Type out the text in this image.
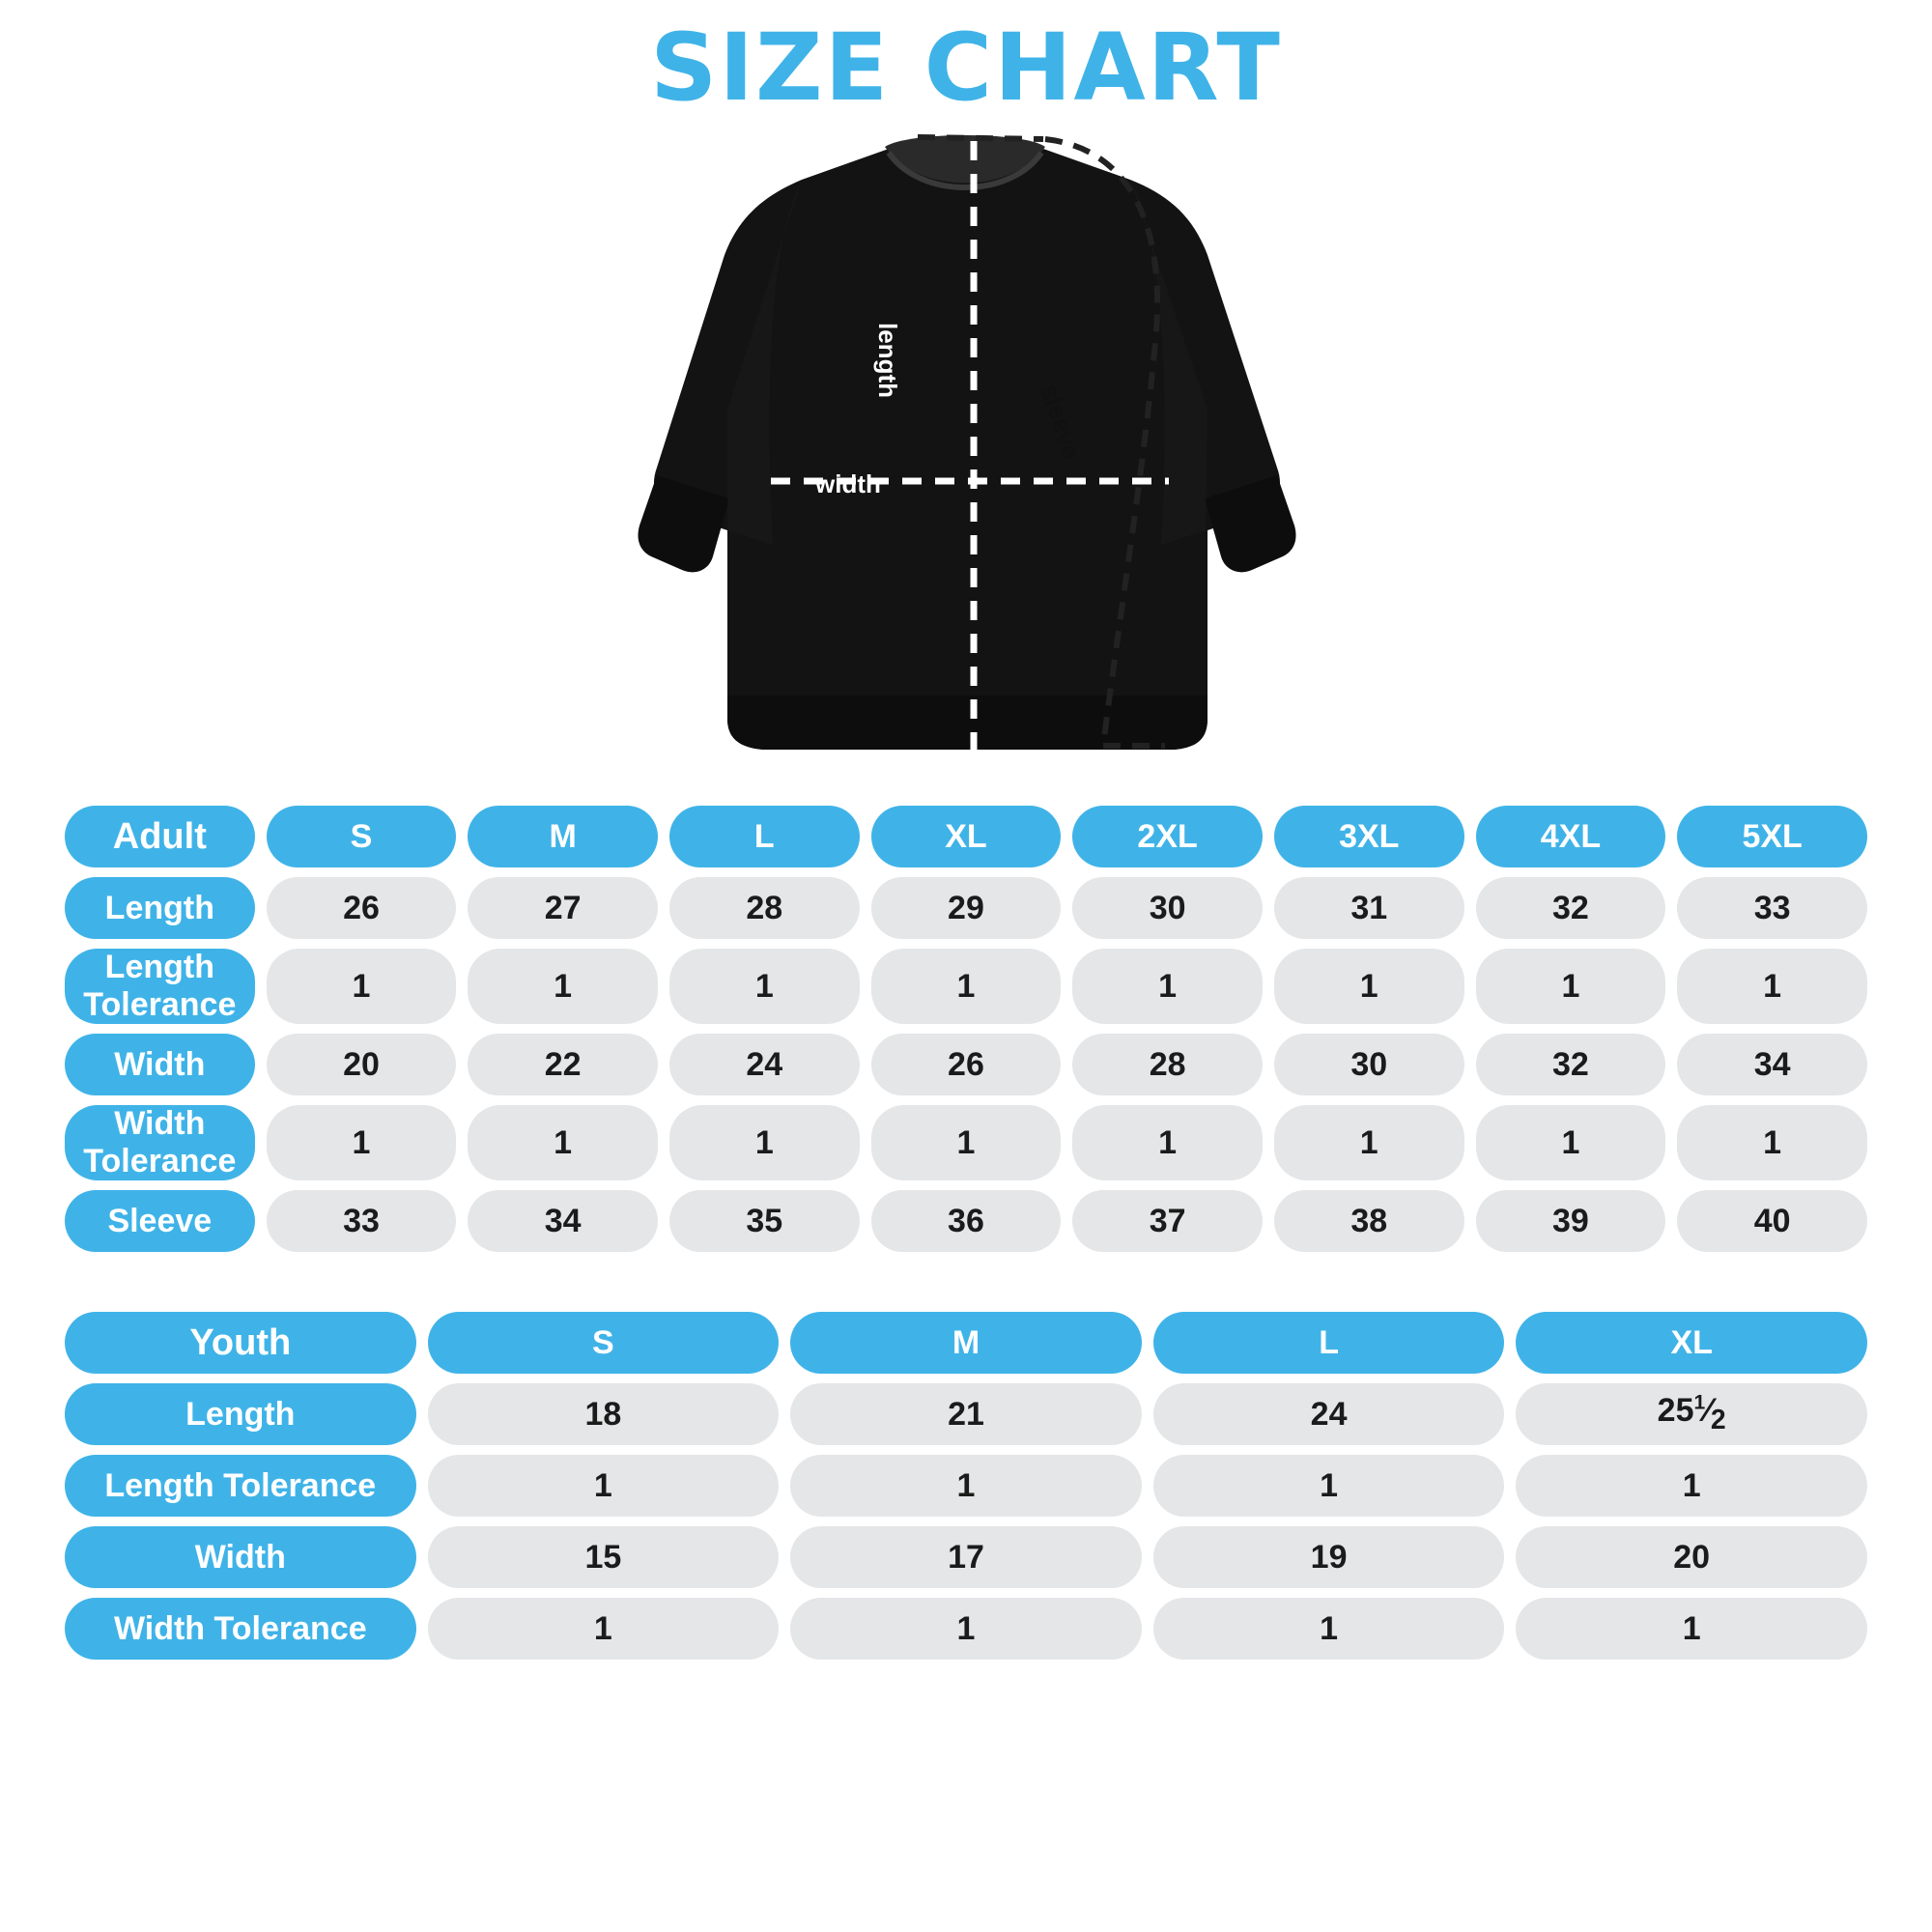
SIZE CHART
width
length
sleeve
Adult	S	M	L	XL	2XL	3XL	4XL	5XL
Length	26	27	28	29	30	31	32	33
Length Tolerance	1	1	1	1	1	1	1	1
Width	20	22	24	26	28	30	32	34
Width Tolerance	1	1	1	1	1	1	1	1
Sleeve	33	34	35	36	37	38	39	40
Youth	S	M	L	XL
Length	18	21	24	$25^1⁄_2$
Length Tolerance	1	1	1	1
Width	15	17	19	20
Width Tolerance	1	1	1	1
